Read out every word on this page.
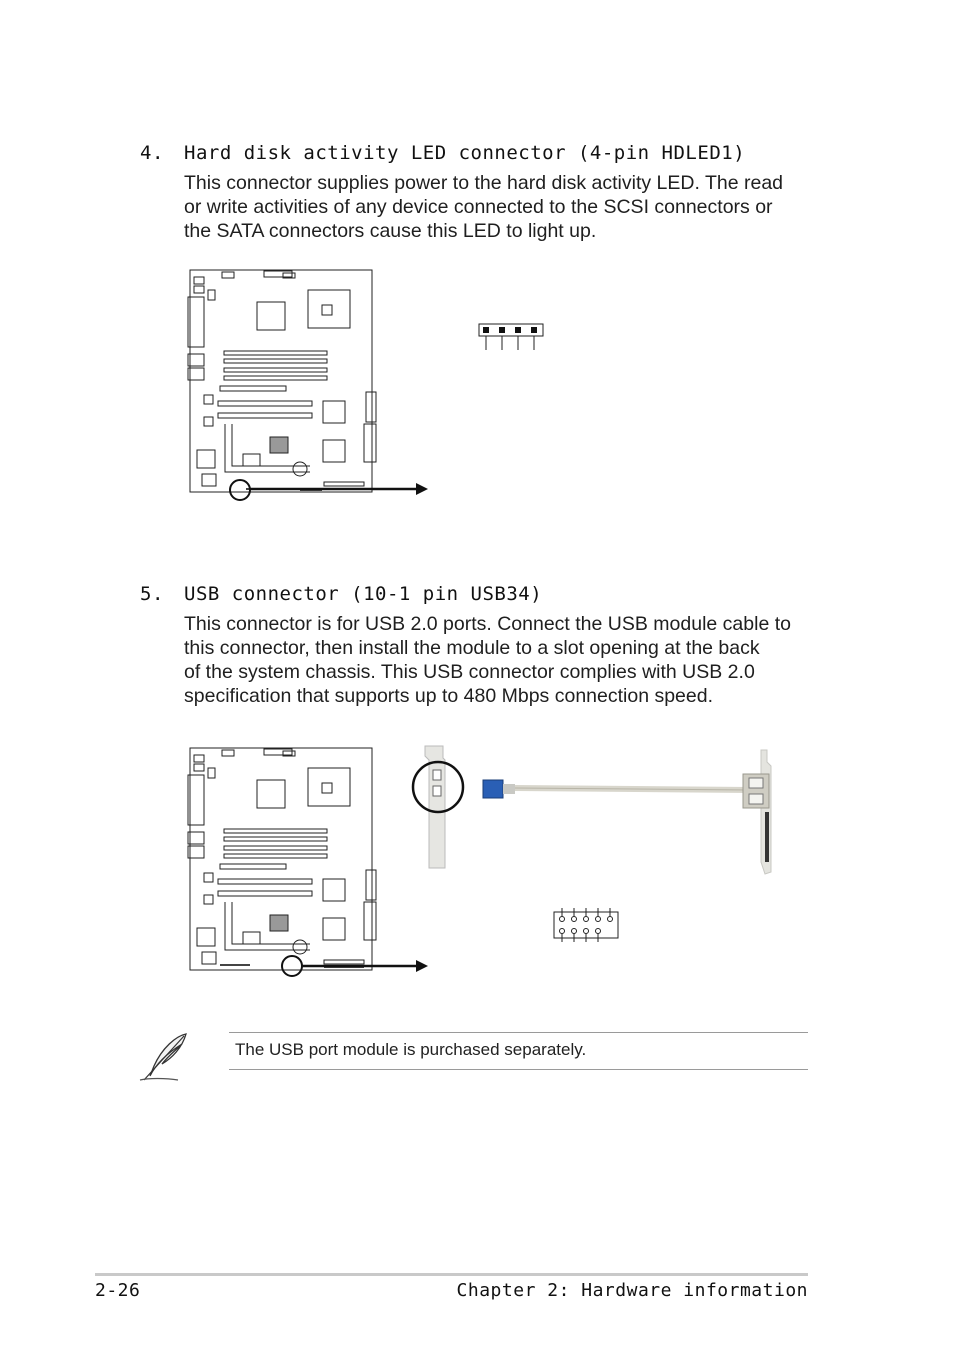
4. Hard disk activity LED connector (4-pin HDLED1)

This connector supplies power to the hard disk activity LED. The read

or write activities of any device connected to the SCSI connectors or

the SATA connectors cause this LED to light up.

5. USB connector (10-1 pin USB34)

This connector is for USB 2.0 ports. Connect the USB module cable to

this connector, then install the module to a slot opening at the back

of the system chassis. This USB connector complies with USB 2.0

specification that supports up to 480 Mbps connection speed.

The USB port module is purchased separately.
2-26	Chapter 2: Hardware information
